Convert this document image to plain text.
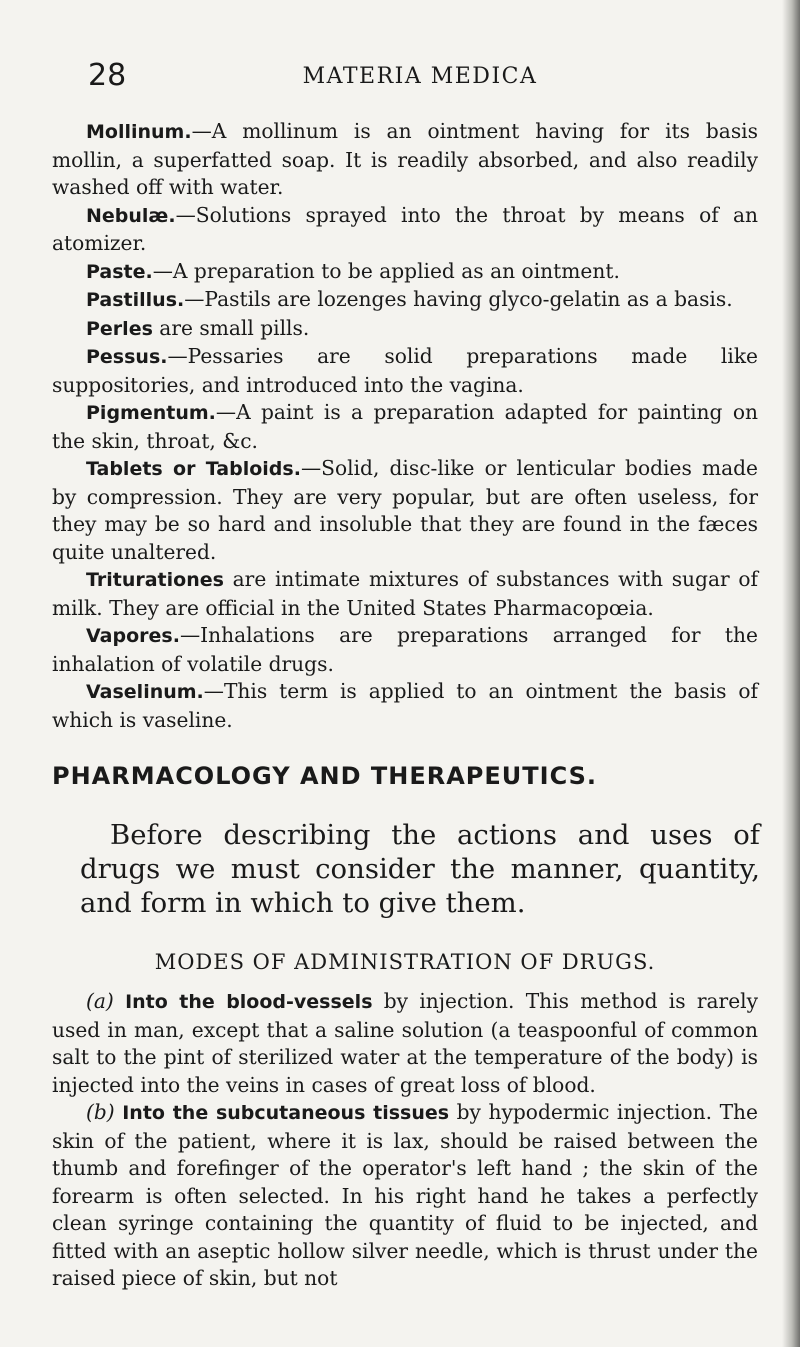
28	MATERIA MEDICA

Mollinum.—A mollinum is an ointment having for its basis mollin, a superfatted soap. It is readily absorbed, and also readily washed off with water.

Nebulæ.—Solutions sprayed into the throat by means of an atomizer.

Paste.—A preparation to be applied as an ointment.

Pastillus.—Pastils are lozenges having glyco-gelatin as a basis.

Perles are small pills.

Pessus.—Pessaries are solid preparations made like suppositories, and introduced into the vagina.

Pigmentum.—A paint is a preparation adapted for painting on the skin, throat, &c.

Tablets or Tabloids.—Solid, disc-like or lenticular bodies made by compression. They are very popular, but are often useless, for they may be so hard and insoluble that they are found in the fæces quite unaltered.

Triturationes are intimate mixtures of substances with sugar of milk. They are official in the United States Pharmacopœia.

Vapores.—Inhalations are preparations arranged for the inhalation of volatile drugs.

Vaselinum.—This term is applied to an ointment the basis of which is vaseline.

PHARMACOLOGY AND THERAPEUTICS.
Before describing the actions and uses of drugs we must consider the manner, quantity, and form in which to give them.
MODES OF ADMINISTRATION OF DRUGS.

(a) Into the blood-vessels by injection. This method is rarely used in man, except that a saline solution (a teaspoonful of common salt to the pint of sterilized water at the temperature of the body) is injected into the veins in cases of great loss of blood.

(b) Into the subcutaneous tissues by hypodermic injection. The skin of the patient, where it is lax, should be raised between the thumb and forefinger of the operator's left hand ; the skin of the forearm is often selected. In his right hand he takes a perfectly clean syringe containing the quantity of fluid to be injected, and fitted with an aseptic hollow silver needle, which is thrust under the raised piece of skin, but not
